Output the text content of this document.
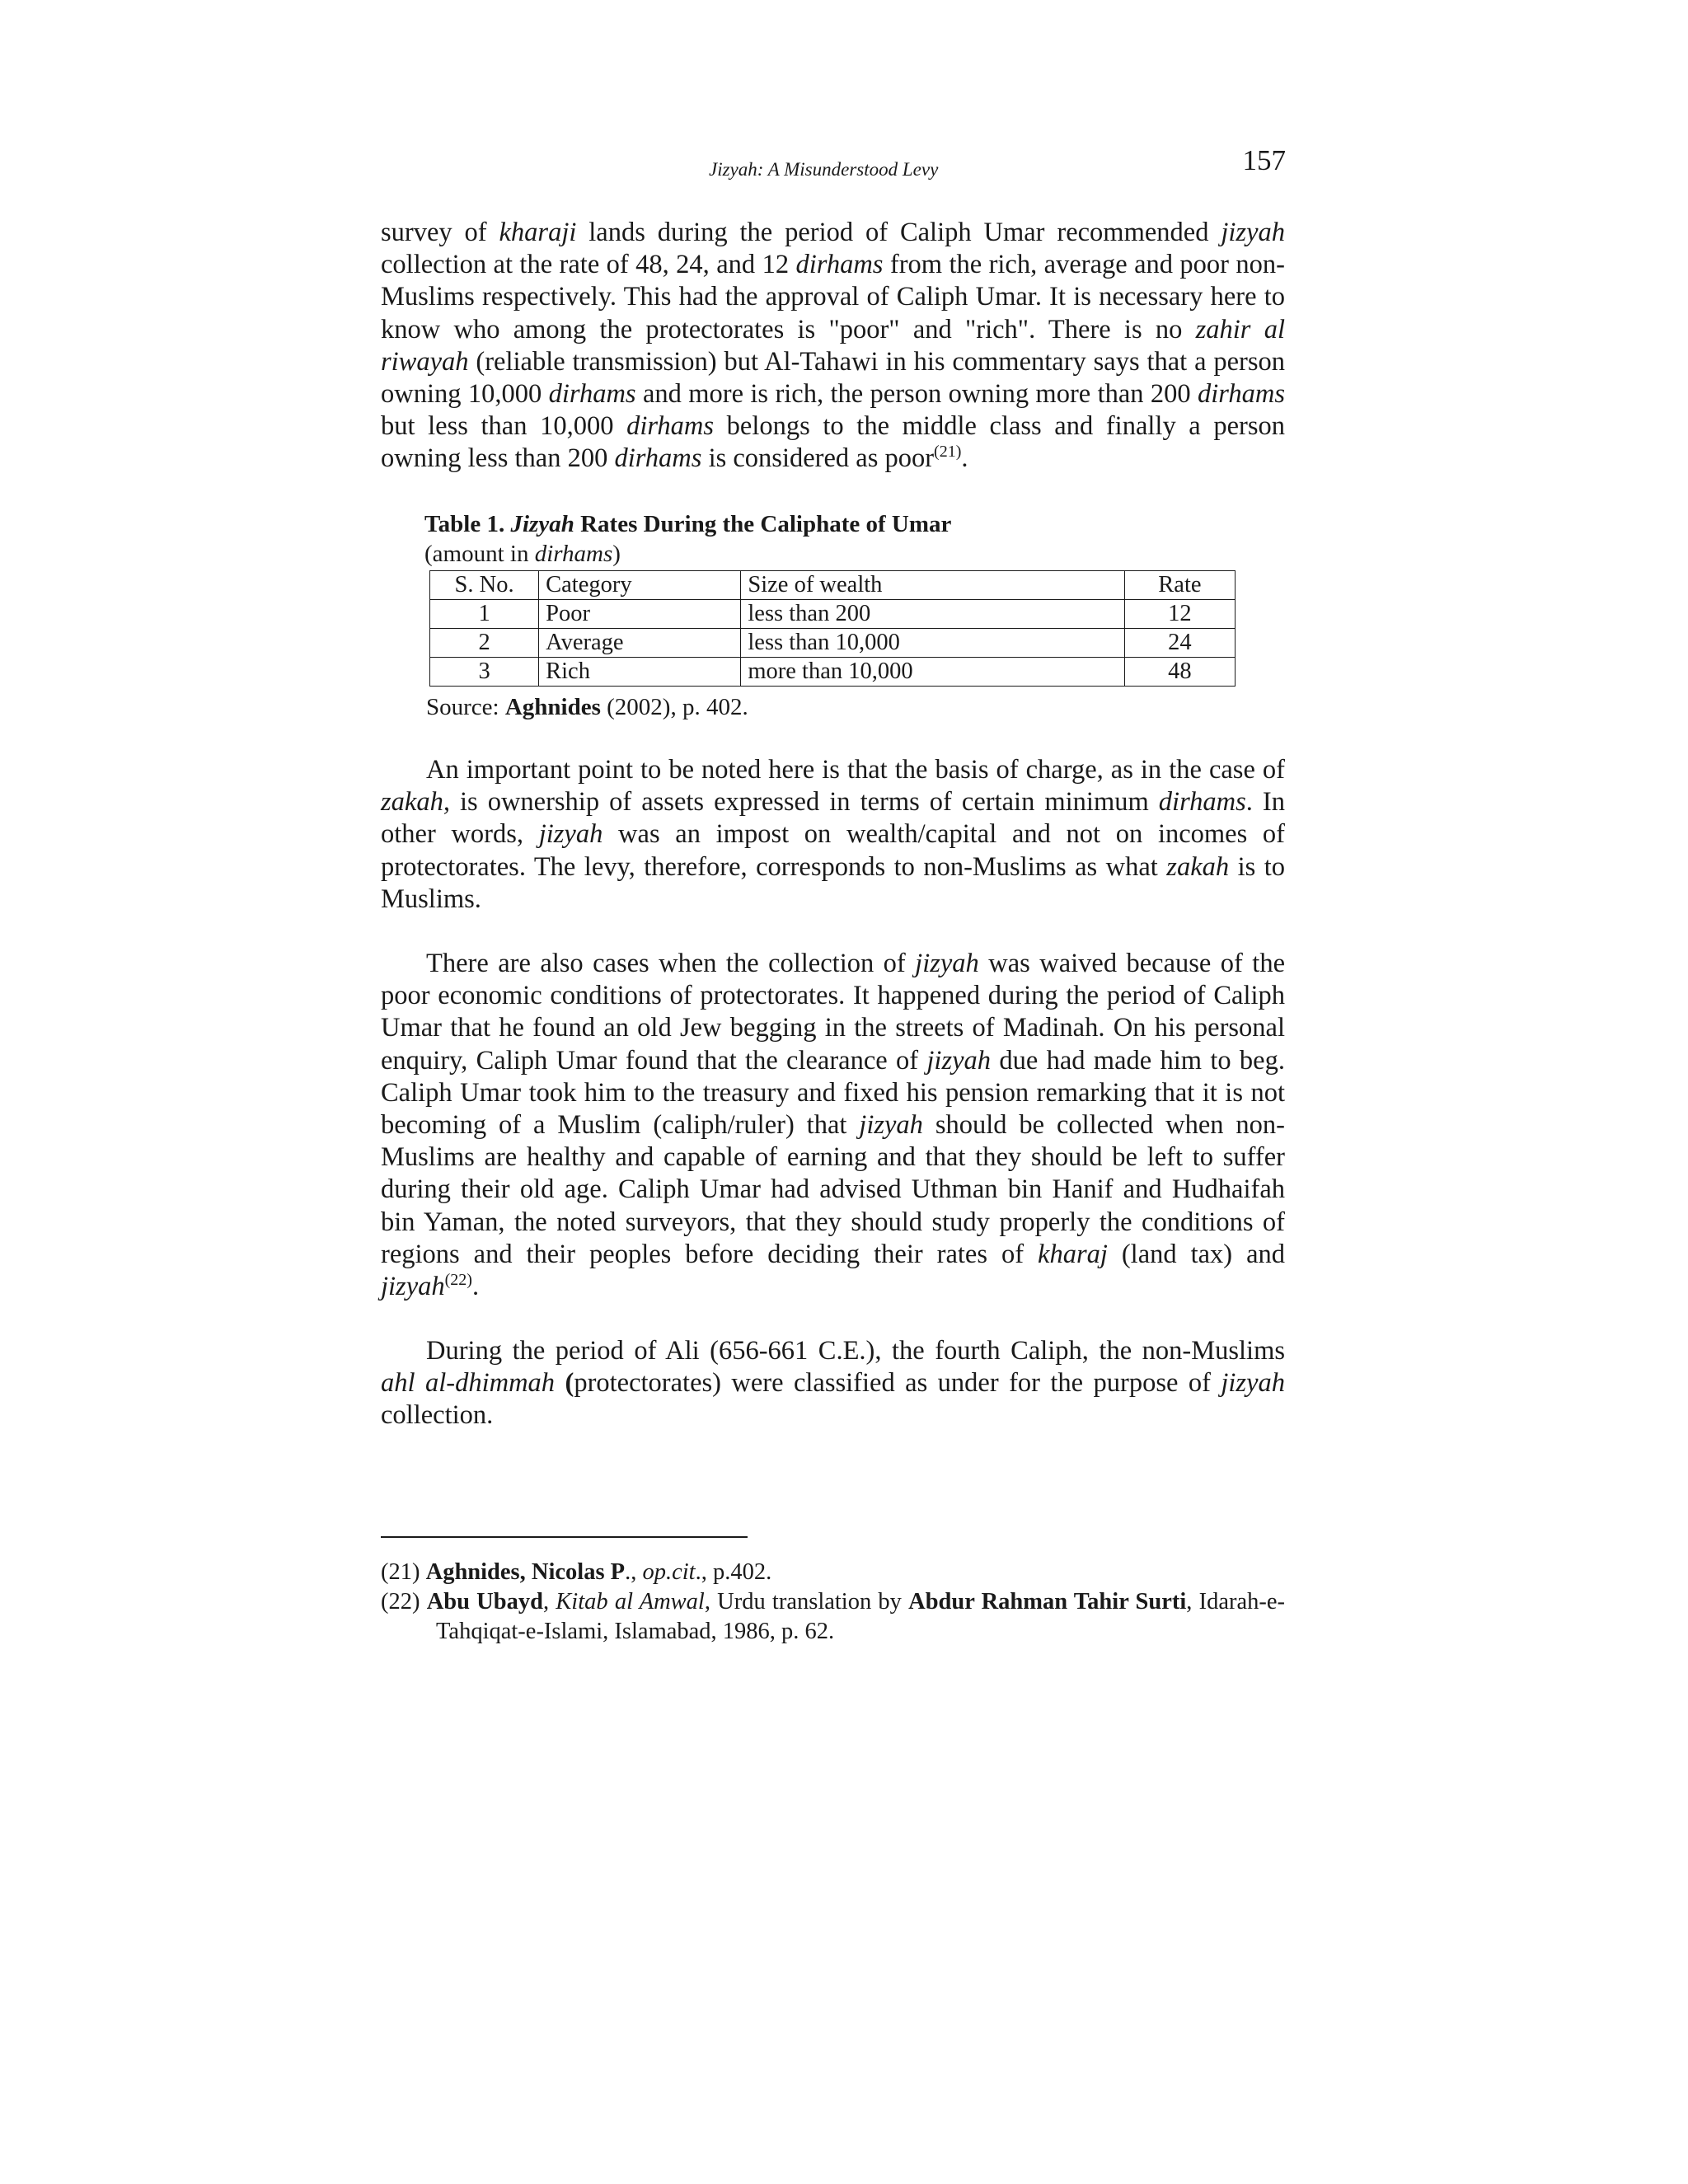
Jizyah: A Misunderstood Levy	157
survey of kharaji lands during the period of Caliph Umar recommended jizyah collection at the rate of 48, 24, and 12 dirhams from the rich, average and poor non-Muslims respectively. This had the approval of Caliph Umar. It is necessary here to know who among the protectorates is "poor" and "rich". There is no zahir al riwayah (reliable transmission) but Al-Tahawi in his commentary says that a person owning 10,000 dirhams and more is rich, the person owning more than 200 dirhams but less than 10,000 dirhams belongs to the middle class and finally a person owning less than 200 dirhams is considered as poor$^{(21)}$.
Table 1. Jizyah Rates During the Caliphate of Umar
(amount in dirhams)
S. No.	Category	Size of wealth	Rate
1	Poor	less than 200	12
2	Average	less than 10,000	24
3	Rich	more than 10,000	48
Source: Aghnides (2002), p. 402.
An important point to be noted here is that the basis of charge, as in the case of zakah, is ownership of assets expressed in terms of certain minimum dirhams. In other words, jizyah was an impost on wealth/capital and not on incomes of protectorates. The levy, therefore, corresponds to non-Muslims as what zakah is to Muslims.
There are also cases when the collection of jizyah was waived because of the poor economic conditions of protectorates. It happened during the period of Caliph Umar that he found an old Jew begging in the streets of Madinah. On his personal enquiry, Caliph Umar found that the clearance of jizyah due had made him to beg. Caliph Umar took him to the treasury and fixed his pension remarking that it is not becoming of a Muslim (caliph/ruler) that jizyah should be collected when non-Muslims are healthy and capable of earning and that they should be left to suffer during their old age. Caliph Umar had advised Uthman bin Hanif and Hudhaifah bin Yaman, the noted surveyors, that they should study properly the conditions of regions and their peoples before deciding their rates of kharaj (land tax) and jizyah$^{(22)}$.
During the period of Ali (656-661 C.E.), the fourth Caliph, the non-Muslims ahl al-dhimmah (protectorates) were classified as under for the purpose of jizyah collection.
(21) Aghnides, Nicolas P., op.cit., p.402.
(22) Abu Ubayd, Kitab al Amwal, Urdu translation by Abdur Rahman Tahir Surti, Idarah-e-Tahqiqat-e-Islami, Islamabad, 1986, p. 62.
